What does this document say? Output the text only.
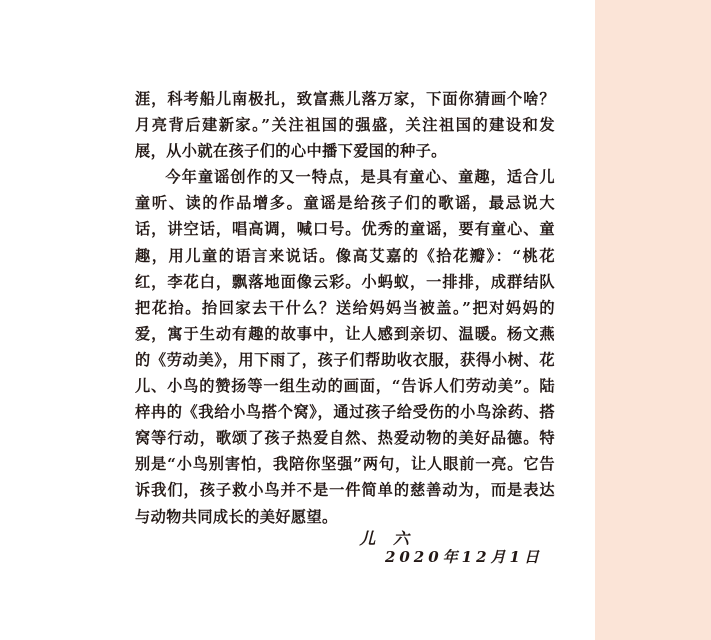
涯，科考船儿南极扎，致富燕儿落万家，下面你猜画个啥？月亮背后建新家。”关注祖国的强盛，关注祖国的建设和发展，从小就在孩子们的心中播下爱国的种子。

今年童谣创作的又一特点，是具有童心、童趣，适合儿童听、读的作品增多。童谣是给孩子们的歌谣，最忌说大话，讲空话，唱高调，喊口号。优秀的童谣，要有童心、童趣，用儿童的语言来说话。像高艾嘉的《拾花瓣》：“桃花红，李花白，飘落地面像云彩。小蚂蚁，一排排，成群结队把花抬。抬回家去干什么？送给妈妈当被盖。”把对妈妈的爱，寓于生动有趣的故事中，让人感到亲切、温暖。杨文燕的《劳动美》，用下雨了，孩子们帮助收衣服，获得小树、花儿、小鸟的赞扬等一组生动的画面，“告诉人们劳动美”。陆梓冉的《我给小鸟搭个窝》，通过孩子给受伤的小鸟涂药、搭窝等行动，歌颂了孩子热爱自然、热爱动物的美好品德。特别是“小鸟别害怕，我陪你坚强”两句，让人眼前一亮。它告诉我们，孩子救小鸟并不是一件简单的慈善动为，而是表达与动物共同成长的美好愿望。

儿 六
2020年12月1日
